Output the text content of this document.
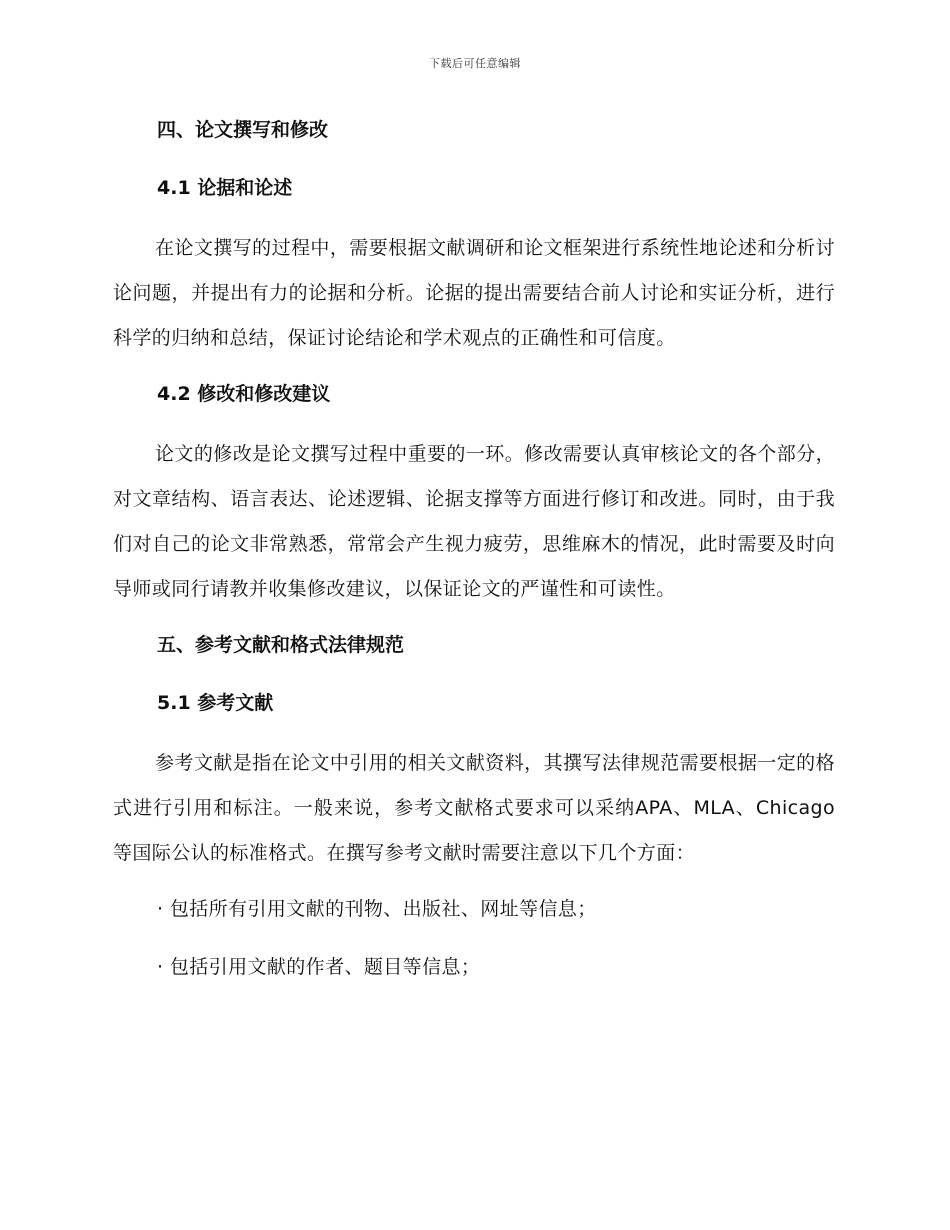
下载后可任意编辑
四、论文撰写和修改
4.1 论据和论述

在论文撰写的过程中，需要根据文献调研和论文框架进行系统性地论述和分析讨论问题，并提出有力的论据和分析。论据的提出需要结合前人讨论和实证分析，进行科学的归纳和总结，保证讨论结论和学术观点的正确性和可信度。

4.2 修改和修改建议

论文的修改是论文撰写过程中重要的一环。修改需要认真审核论文的各个部分，对文章结构、语言表达、论述逻辑、论据支撑等方面进行修订和改进。同时，由于我们对自己的论文非常熟悉，常常会产生视力疲劳，思维麻木的情况，此时需要及时向导师或同行请教并收集修改建议，以保证论文的严谨性和可读性。

五、参考文献和格式法律规范
5.1 参考文献

参考文献是指在论文中引用的相关文献资料，其撰写法律规范需要根据一定的格式进行引用和标注。一般来说，参考文献格式要求可以采纳APA、MLA、Chicago 等国际公认的标准格式。在撰写参考文献时需要注意以下几个方面：

· 包括所有引用文献的刊物、出版社、网址等信息；
· 包括引用文献的作者、题目等信息；
